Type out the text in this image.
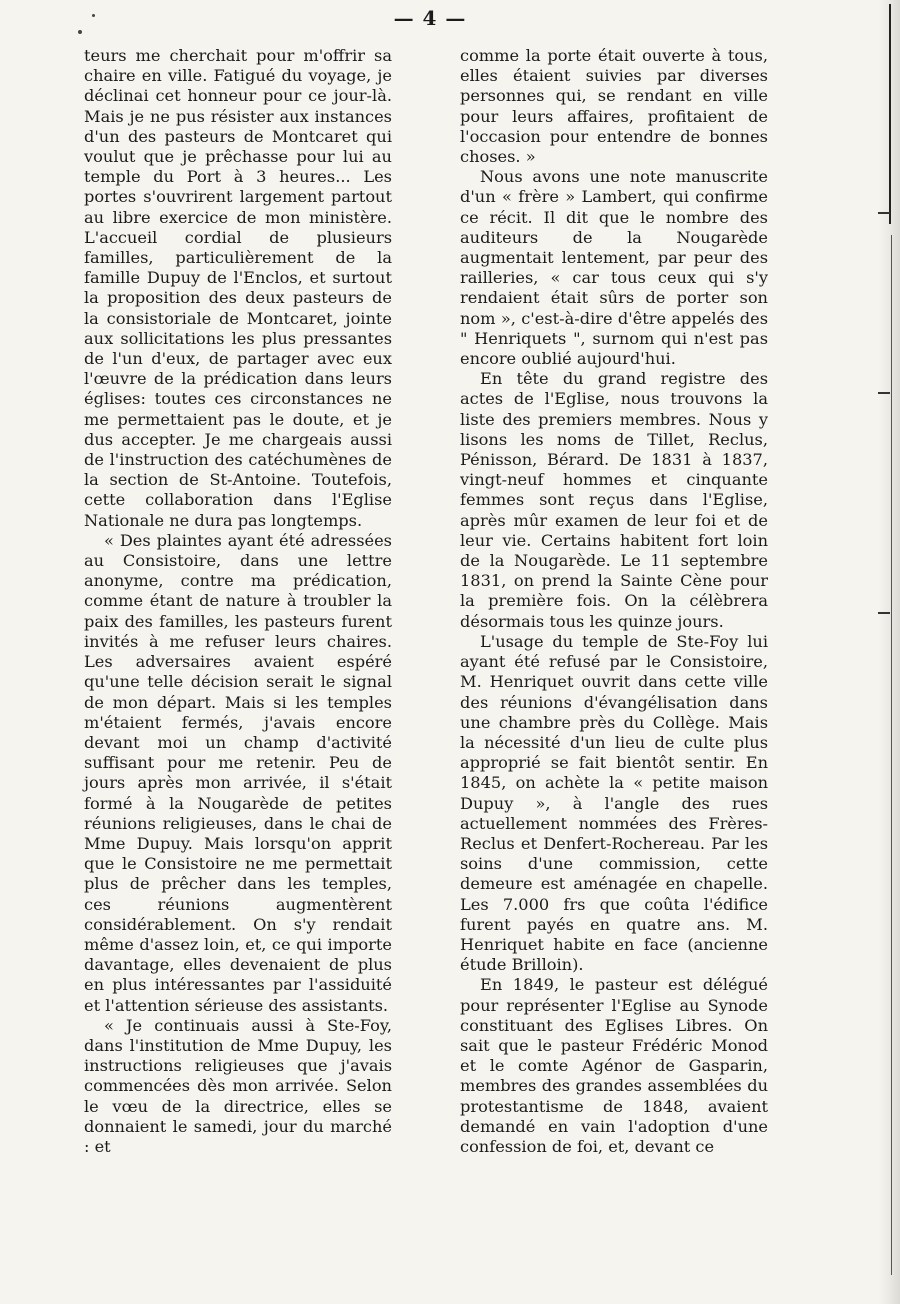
— 4 —

teurs me cherchait pour m'offrir sa chaire en ville. Fatigué du voyage, je déclinai cet honneur pour ce jour-là. Mais je ne pus résister aux instances d'un des pasteurs de Montcaret qui voulut que je prêchasse pour lui au temple du Port à 3 heures... Les portes s'ouvrirent largement partout au libre exercice de mon ministère. L'accueil cordial de plusieurs familles, particulièrement de la famille Dupuy de l'Enclos, et surtout la proposition des deux pasteurs de la consistoriale de Montcaret, jointe aux sollicitations les plus pressantes de l'un d'eux, de partager avec eux l'œuvre de la prédication dans leurs églises: toutes ces circonstances ne me permettaient pas le doute, et je dus accepter. Je me chargeais aussi de l'instruction des catéchumènes de la section de St-Antoine. Toutefois, cette collaboration dans l'Eglise Nationale ne dura pas longtemps.

« Des plaintes ayant été adressées au Consistoire, dans une lettre anonyme, contre ma prédication, comme étant de nature à troubler la paix des familles, les pasteurs furent invités à me refuser leurs chaires. Les adversaires avaient espéré qu'une telle décision serait le signal de mon départ. Mais si les temples m'étaient fermés, j'avais encore devant moi un champ d'activité suffisant pour me retenir. Peu de jours après mon arrivée, il s'était formé à la Nougarède de petites réunions religieuses, dans le chai de Mme Dupuy. Mais lorsqu'on apprit que le Consistoire ne me permettait plus de prêcher dans les temples, ces réunions augmentèrent considérablement. On s'y rendait même d'assez loin, et, ce qui importe davantage, elles devenaient de plus en plus intéressantes par l'assiduité et l'attention sérieuse des assistants.

« Je continuais aussi à Ste-Foy, dans l'institution de Mme Dupuy, les instructions religieuses que j'avais commencées dès mon arrivée. Selon le vœu de la directrice, elles se donnaient le samedi, jour du marché : et

comme la porte était ouverte à tous, elles étaient suivies par diverses personnes qui, se rendant en ville pour leurs affaires, profitaient de l'occasion pour entendre de bonnes choses. »

Nous avons une note manuscrite d'un « frère » Lambert, qui confirme ce récit. Il dit que le nombre des auditeurs de la Nougarède augmentait lentement, par peur des railleries, « car tous ceux qui s'y rendaient était sûrs de porter son nom », c'est-à-dire d'être appelés des " Henriquets ", surnom qui n'est pas encore oublié aujourd'hui.

En tête du grand registre des actes de l'Eglise, nous trouvons la liste des premiers membres. Nous y lisons les noms de Tillet, Reclus, Pénisson, Bérard. De 1831 à 1837, vingt-neuf hommes et cinquante femmes sont reçus dans l'Eglise, après mûr examen de leur foi et de leur vie. Certains habitent fort loin de la Nougarède. Le 11 septembre 1831, on prend la Sainte Cène pour la première fois. On la célèbrera désormais tous les quinze jours.

L'usage du temple de Ste-Foy lui ayant été refusé par le Consistoire, M. Henriquet ouvrit dans cette ville des réunions d'évangélisation dans une chambre près du Collège. Mais la nécessité d'un lieu de culte plus approprié se fait bientôt sentir. En 1845, on achète la « petite maison Dupuy », à l'angle des rues actuellement nommées des Frères-Reclus et Denfert-Rochereau. Par les soins d'une commission, cette demeure est aménagée en chapelle. Les 7.000 frs que coûta l'édifice furent payés en quatre ans. M. Henriquet habite en face (ancienne étude Brilloin).

En 1849, le pasteur est délégué pour représenter l'Eglise au Synode constituant des Eglises Libres. On sait que le pasteur Frédéric Monod et le comte Agénor de Gasparin, membres des grandes assemblées du protestantisme de 1848, avaient demandé en vain l'adoption d'une confession de foi, et, devant ce
